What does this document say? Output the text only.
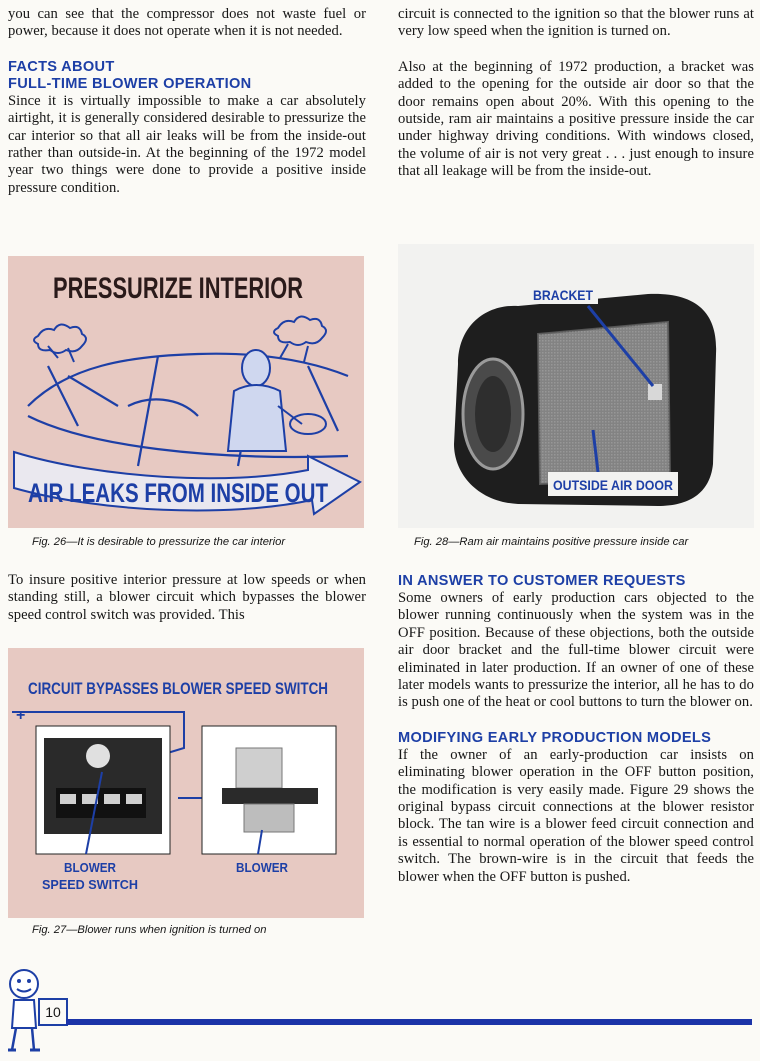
you can see that the compressor does not waste fuel or power, because it does not operate when it is not needed.

FACTS ABOUT

FULL-TIME BLOWER OPERATION

Since it is virtually impossible to make a car absolutely airtight, it is generally considered desirable to pressurize the car interior so that all air leaks will be from the inside-out rather than outside-in. At the beginning of the 1972 model year two things were done to provide a positive inside pressure condition.

circuit is connected to the ignition so that the blower runs at very low speed when the ignition is turned on.

Also at the beginning of 1972 production, a bracket was added to the opening for the outside air door so that the door remains open about 20%. With this opening to the outside, ram air maintains a positive pressure inside the car under highway driving conditions. With windows closed, the volume of air is not very great . . . just enough to insure that all leakage will be from the inside-out.

PRESSURIZE INTERIOR
AIR LEAKS FROM INSIDE OUT
Fig. 26—It is desirable to pressurize the car interior
BRACKET
OUTSIDE AIR DOOR
Fig. 28—Ram air maintains positive pressure inside car

To insure positive interior pressure at low speeds or when standing still, a blower circuit which bypasses the blower speed control switch was provided. This

IN ANSWER TO CUSTOMER REQUESTS

Some owners of early production cars objected to the blower running continuously when the system was in the OFF position. Because of these objections, both the outside air door bracket and the full-time blower circuit were eliminated in later production. If an owner of one of these later models wants to pressurize the interior, all he has to do is push one of the heat or cool buttons to turn the blower on.

MODIFYING EARLY PRODUCTION MODELS

If the owner of an early-production car insists on eliminating blower operation in the OFF button position, the modification is very easily made. Figure 29 shows the original bypass circuit connections at the blower resistor block. The tan wire is a blower feed circuit connection and is essential to normal operation of the blower speed control switch. The brown-wire is in the circuit that feeds the blower when the OFF button is pushed.

CIRCUIT BYPASSES BLOWER SPEED SWITCH
+
BLOWER
SPEED SWITCH
BLOWER
Fig. 27—Blower runs when ignition is turned on
10
